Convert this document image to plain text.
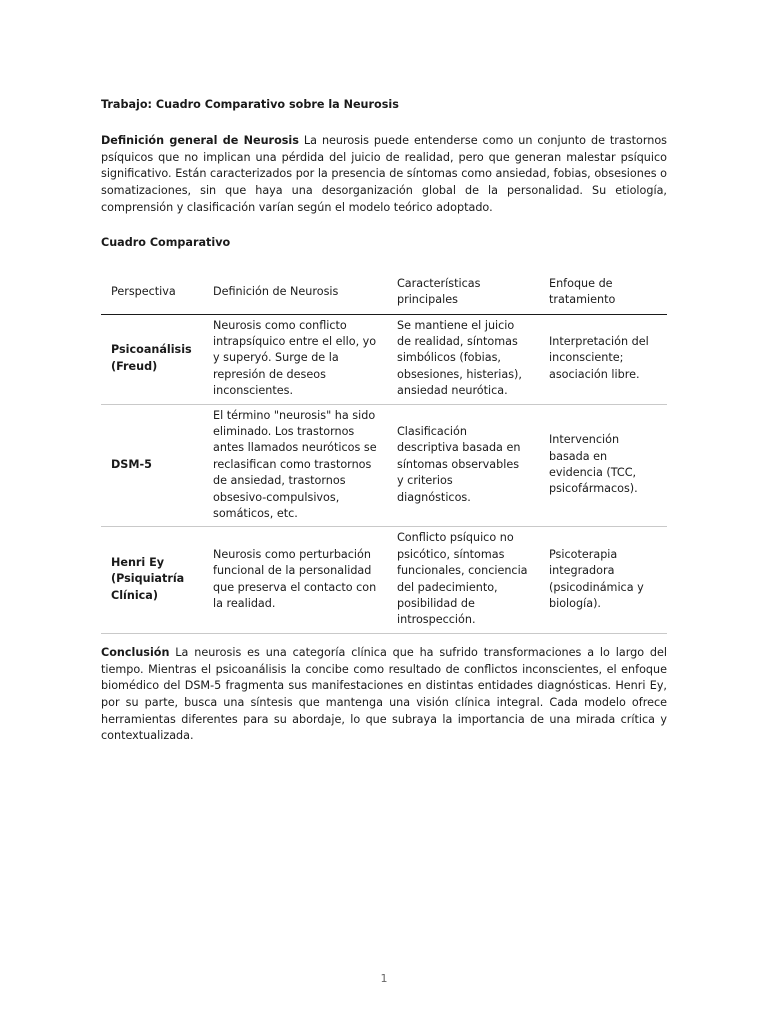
Trabajo: Cuadro Comparativo sobre la Neurosis

Definición general de Neurosis La neurosis puede entenderse como un conjunto de trastornos psíquicos que no implican una pérdida del juicio de realidad, pero que generan malestar psíquico significativo. Están caracterizados por la presencia de síntomas como ansiedad, fobias, obsesiones o somatizaciones, sin que haya una desorganización global de la personalidad. Su etiología, comprensión y clasificación varían según el modelo teórico adoptado.

Cuadro Comparativo

Perspectiva	Definición de Neurosis	Características principales	Enfoque de tratamiento
Psicoanálisis (Freud)	Neurosis como conflicto intrapsíquico entre el ello, yo y superyó. Surge de la represión de deseos inconscientes.	Se mantiene el juicio de realidad, síntomas simbólicos (fobias, obsesiones, histerias), ansiedad neurótica.	Interpretación del inconsciente; asociación libre.
DSM-5	El término "neurosis" ha sido eliminado. Los trastornos antes llamados neuróticos se reclasifican como trastornos de ansiedad, trastornos obsesivo-compulsivos, somáticos, etc.	Clasificación descriptiva basada en síntomas observables y criterios diagnósticos.	Intervención basada en evidencia (TCC, psicofármacos).
Henri Ey (Psiquiatría Clínica)	Neurosis como perturbación funcional de la personalidad que preserva el contacto con la realidad.	Conflicto psíquico no psicótico, síntomas funcionales, conciencia del padecimiento, posibilidad de introspección.	Psicoterapia integradora (psicodinámica y biología).

Conclusión La neurosis es una categoría clínica que ha sufrido transformaciones a lo largo del tiempo. Mientras el psicoanálisis la concibe como resultado de conflictos inconscientes, el enfoque biomédico del DSM-5 fragmenta sus manifestaciones en distintas entidades diagnósticas. Henri Ey, por su parte, busca una síntesis que mantenga una visión clínica integral. Cada modelo ofrece herramientas diferentes para su abordaje, lo que subraya la importancia de una mirada crítica y contextualizada.

1
